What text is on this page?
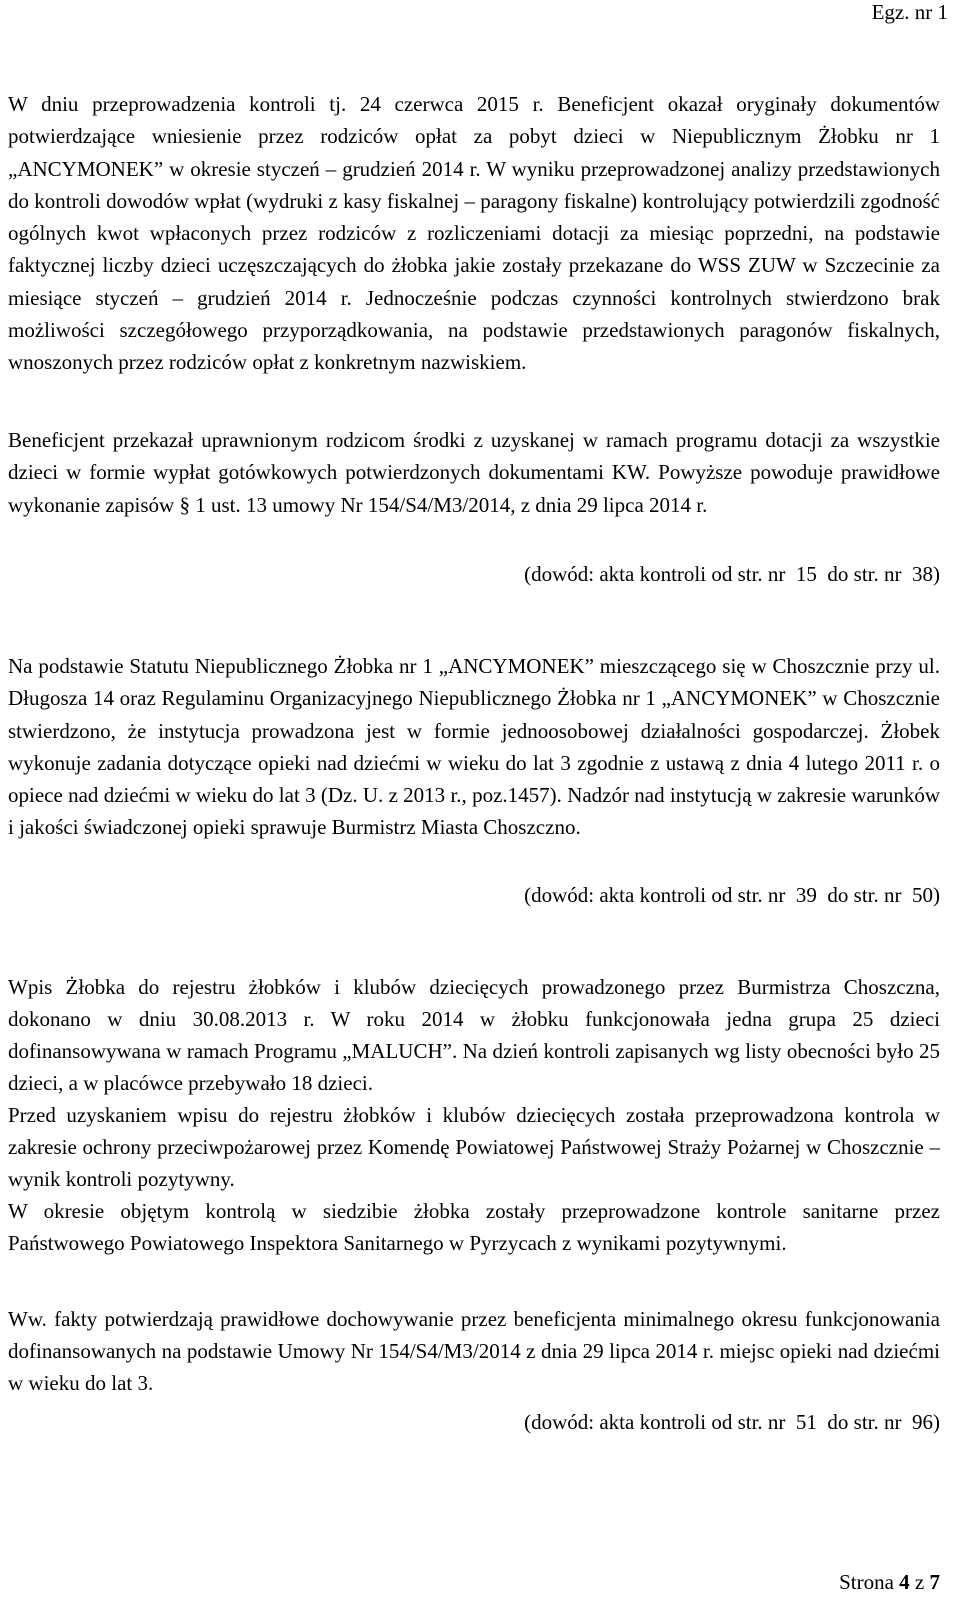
Egz. nr 1

W dniu przeprowadzenia kontroli tj. 24 czerwca 2015 r. Beneficjent okazał oryginały dokumentów potwierdzające wniesienie przez rodziców opłat za pobyt dzieci w Niepublicznym Żłobku nr 1 „ANCYMONEK” w okresie styczeń – grudzień 2014 r. W wyniku przeprowadzonej analizy przedstawionych do kontroli dowodów wpłat (wydruki z kasy fiskalnej – paragony fiskalne) kontrolujący potwierdzili zgodność ogólnych kwot wpłaconych przez rodziców z rozliczeniami dotacji za miesiąc poprzedni, na podstawie faktycznej liczby dzieci uczęszczających do żłobka jakie zostały przekazane do WSS ZUW w Szczecinie za miesiące styczeń – grudzień 2014 r. Jednocześnie podczas czynności kontrolnych stwierdzono brak możliwości szczegółowego przyporządkowania, na podstawie przedstawionych paragonów fiskalnych, wnoszonych przez rodziców opłat z konkretnym nazwiskiem.

Beneficjent przekazał uprawnionym rodzicom środki z uzyskanej w ramach programu dotacji za wszystkie dzieci w formie wypłat gotówkowych potwierdzonych dokumentami KW. Powyższe powoduje prawidłowe wykonanie zapisów § 1 ust. 13 umowy Nr 154/S4/M3/2014, z dnia 29 lipca 2014 r.

(dowód: akta kontroli od str. nr  15  do str. nr  38)

Na podstawie Statutu Niepublicznego Żłobka nr 1 „ANCYMONEK” mieszczącego się w Choszcznie przy ul. Długosza 14 oraz Regulaminu Organizacyjnego Niepublicznego Żłobka nr 1 „ANCYMONEK” w Choszcznie stwierdzono, że instytucja prowadzona jest w formie jednoosobowej działalności gospodarczej. Żłobek wykonuje zadania dotyczące opieki nad dziećmi w wieku do lat 3 zgodnie z ustawą z dnia 4 lutego 2011 r. o opiece nad dziećmi w wieku do lat 3 (Dz. U. z 2013 r., poz.1457). Nadzór nad instytucją w zakresie warunków i jakości świadczonej opieki sprawuje Burmistrz Miasta Choszczno.

(dowód: akta kontroli od str. nr  39  do str. nr  50)

Wpis Żłobka do rejestru żłobków i klubów dziecięcych prowadzonego przez Burmistrza Choszczna, dokonano w dniu 30.08.2013 r. W roku 2014 w żłobku funkcjonowała jedna grupa 25 dzieci dofinansowywana w ramach Programu „MALUCH”. Na dzień kontroli zapisanych wg listy obecności było 25 dzieci, a w placówce przebywało 18 dzieci.

Przed uzyskaniem wpisu do rejestru żłobków i klubów dziecięcych została przeprowadzona kontrola w zakresie ochrony przeciwpożarowej przez Komendę Powiatowej Państwowej Straży Pożarnej w Choszcznie – wynik kontroli pozytywny.

W okresie objętym kontrolą w siedzibie żłobka zostały przeprowadzone kontrole sanitarne przez Państwowego Powiatowego Inspektora Sanitarnego w Pyrzycach z wynikami pozytywnymi.

Ww. fakty potwierdzają prawidłowe dochowywanie przez beneficjenta minimalnego okresu funkcjonowania dofinansowanych na podstawie Umowy Nr 154/S4/M3/2014 z dnia 29 lipca 2014 r. miejsc opieki nad dziećmi w wieku do lat 3.

(dowód: akta kontroli od str. nr  51  do str. nr  96)
Strona 4 z 7
